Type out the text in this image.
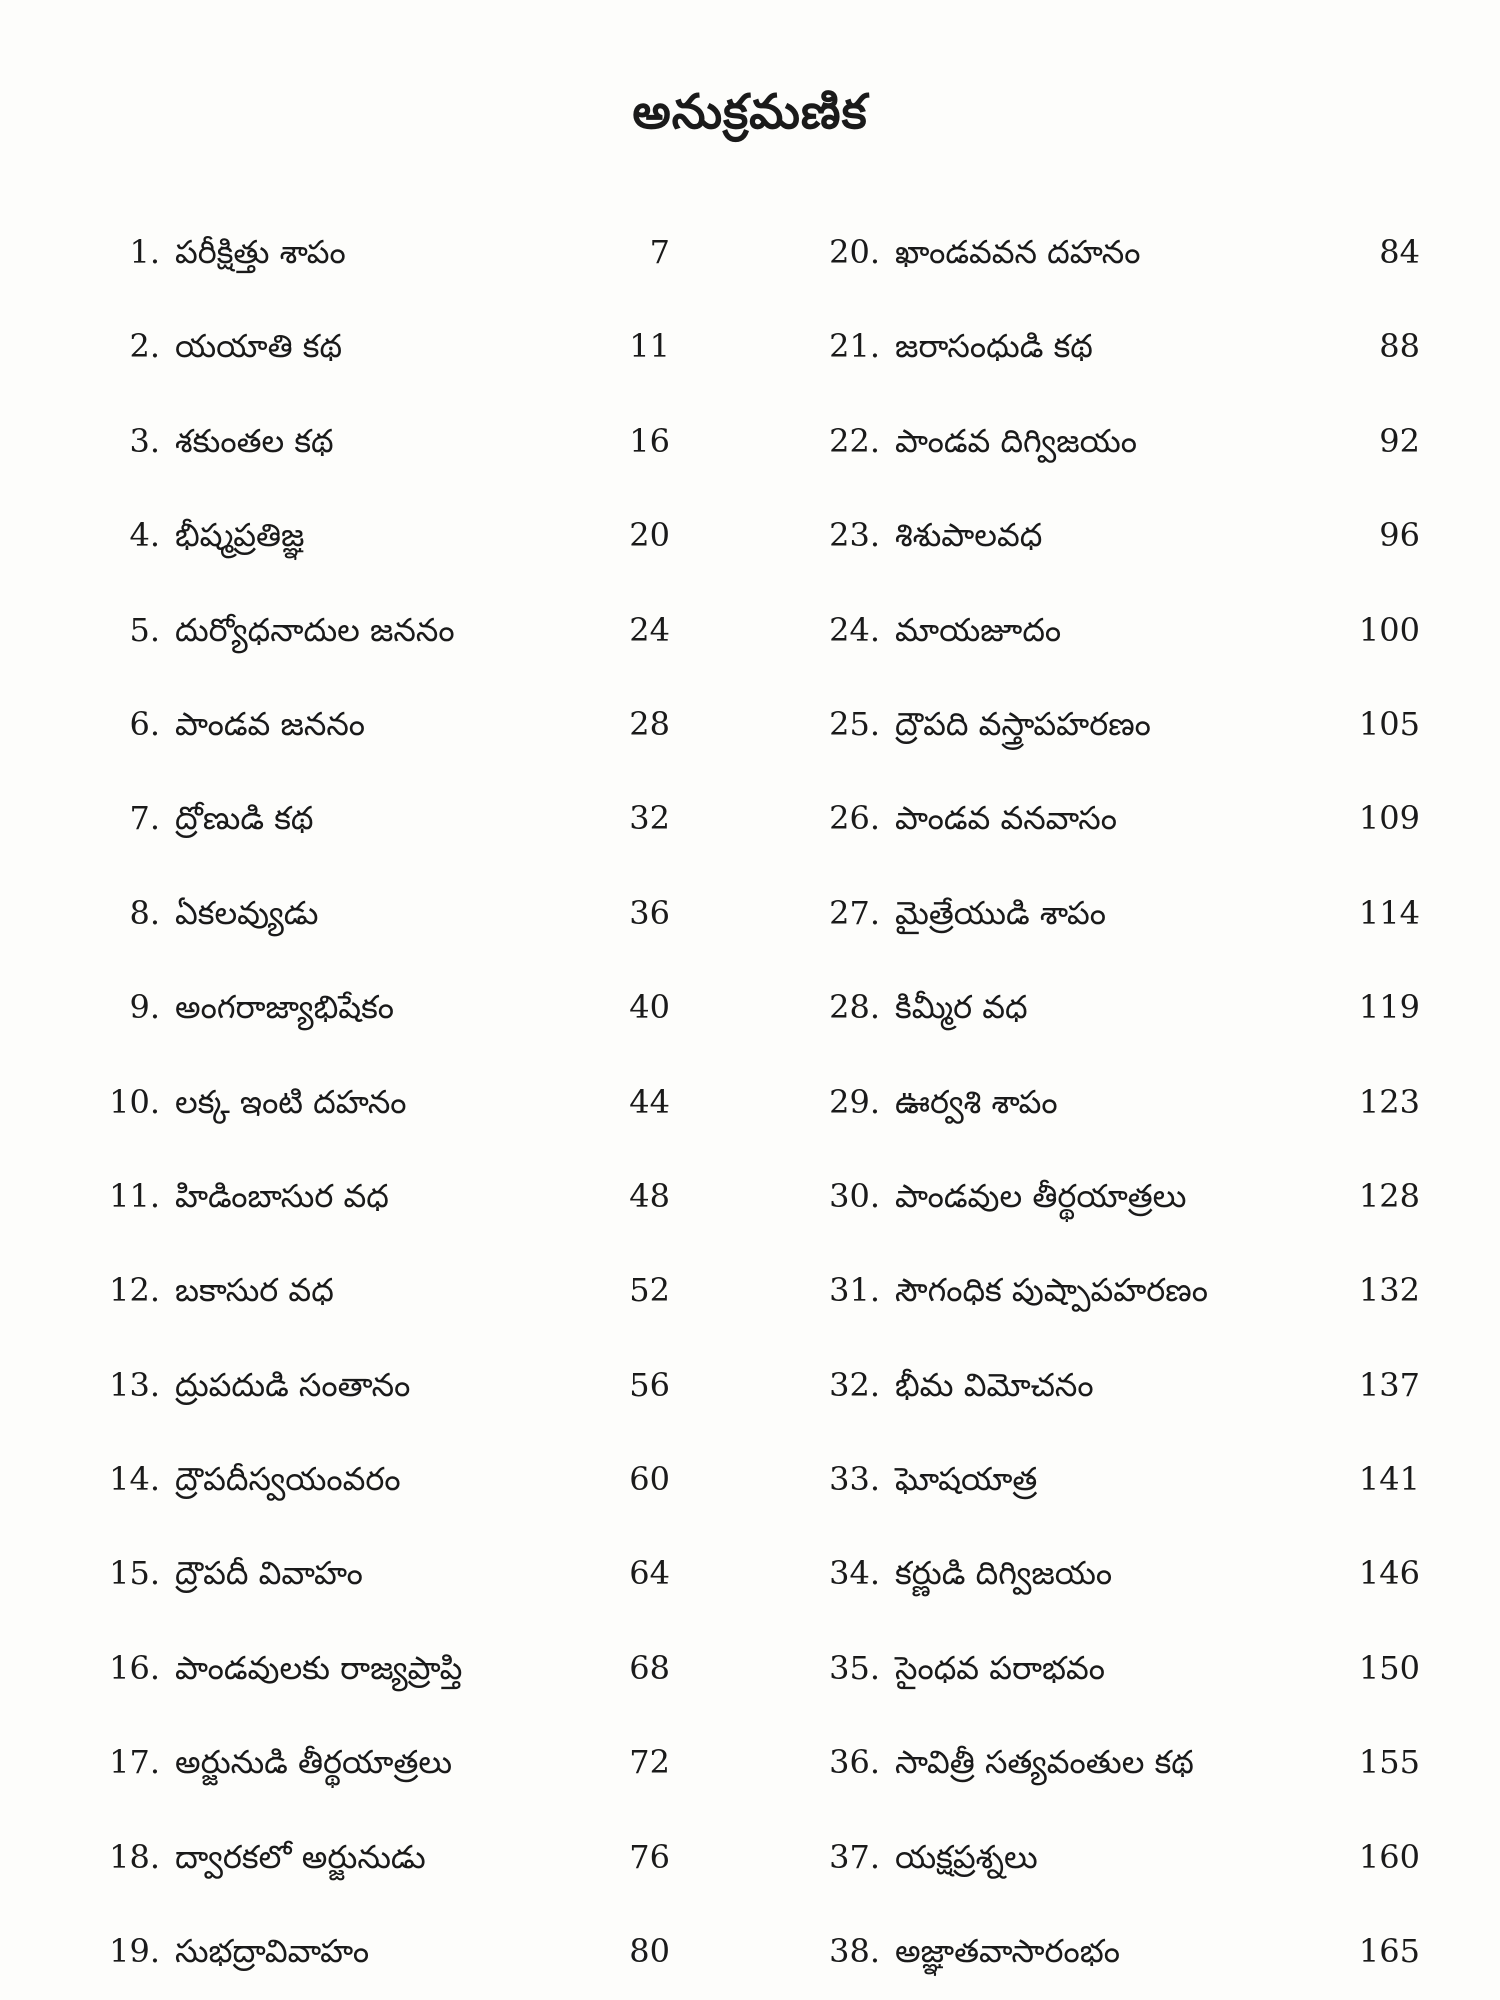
అనుక్రమణిక
1. పరీక్షిత్తు శాపం	7
2. యయాతి కథ	11
3. శకుంతల కథ	16
4. భీష్మప్రతిజ్ఞ	20
5. దుర్యోధనాదుల జననం	24
6. పాండవ జననం	28
7. ద్రోణుడి కథ	32
8. ఏకలవ్యుడు	36
9. అంగరాజ్యాభిషేకం	40
10. లక్క ఇంటి దహనం	44
11. హిడింబాసుర వధ	48
12. బకాసుర వధ	52
13. ద్రుపదుడి సంతానం	56
14. ద్రౌపదీస్వయంవరం	60
15. ద్రౌపదీ వివాహం	64
16. పాండవులకు రాజ్యప్రాప్తి	68
17. అర్జునుడి తీర్థయాత్రలు	72
18. ద్వారకలో అర్జునుడు	76
19. సుభద్రావివాహం	80
20. ఖాండవవన దహనం	84
21. జరాసంధుడి కథ	88
22. పాండవ దిగ్విజయం	92
23. శిశుపాలవధ	96
24. మాయజూదం	100
25. ద్రౌపది వస్త్రాపహరణం	105
26. పాండవ వనవాసం	109
27. మైత్రేయుడి శాపం	114
28. కిమ్మీర వధ	119
29. ఊర్వశి శాపం	123
30. పాండవుల తీర్థయాత్రలు	128
31. సౌగంధిక పుష్పాపహరణం	132
32. భీమ విమోచనం	137
33. ఘోషయాత్ర	141
34. కర్ణుడి దిగ్విజయం	146
35. సైంధవ పరాభవం	150
36. సావిత్రీ సత్యవంతుల కథ	155
37. యక్షప్రశ్నలు	160
38. అజ్ఞాతవాసారంభం	165
